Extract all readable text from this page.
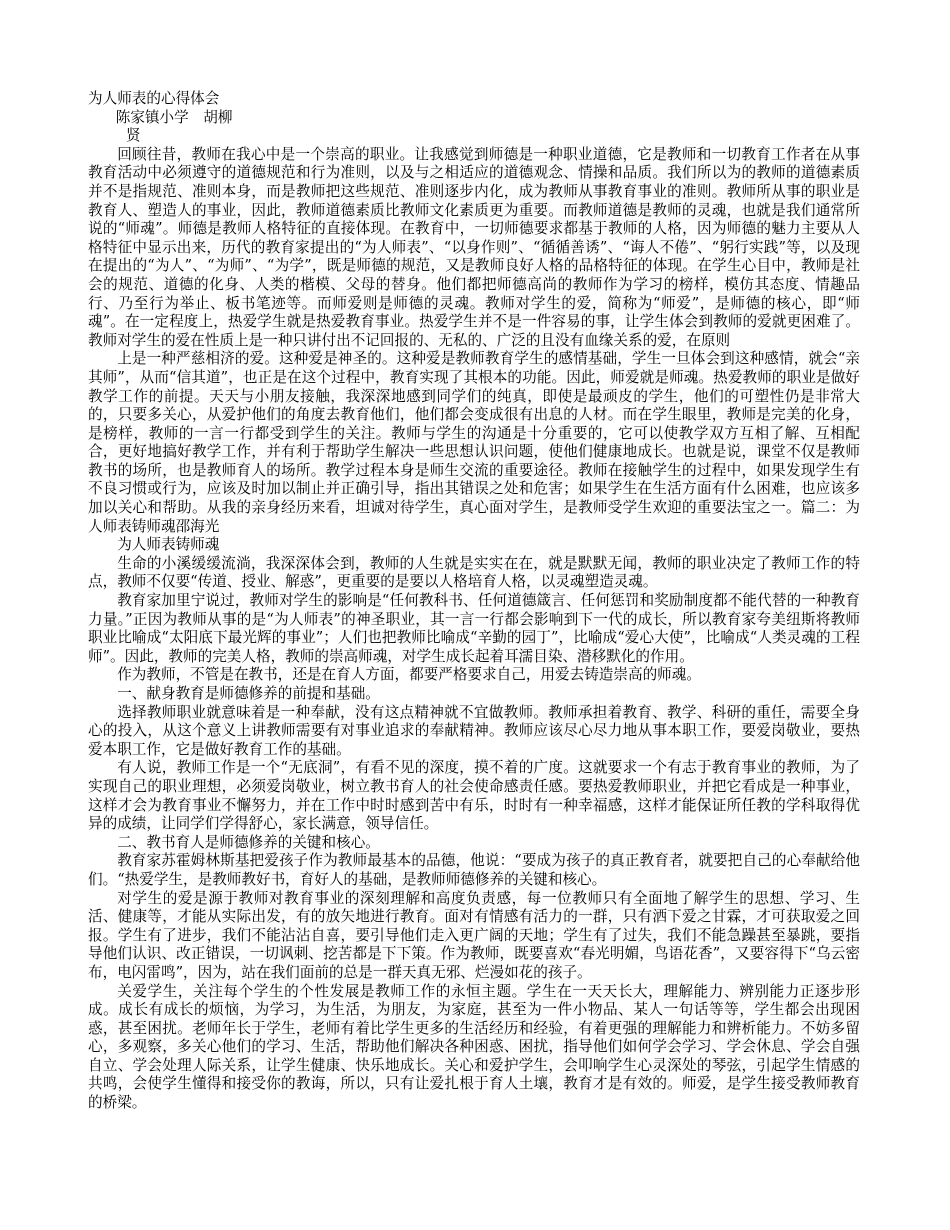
为人师表的心得体会

陈家镇小学　胡柳

贤

回顾往昔，教师在我心中是一个崇高的职业。让我感觉到师德是一种职业道德，它是教师和一切教育工作者在从事教育活动中必须遵守的道德规范和行为准则，以及与之相适应的道德观念、情操和品质。我们所以为的教师的道德素质并不是指规范、准则本身，而是教师把这些规范、准则逐步内化，成为教师从事教育事业的准则。教师所从事的职业是教育人、塑造人的事业，因此，教师道德素质比教师文化素质更为重要。而教师道德是教师的灵魂，也就是我们通常所说的“师魂”。师德是教师人格特征的直接体现。在教育中，一切师德要求都基于教师的人格，因为师德的魅力主要从人格特征中显示出来，历代的教育家提出的“为人师表”、“以身作则”、“循循善诱”、“诲人不倦”、“躬行实践”等，以及现在提出的“为人”、“为师”、“为学”，既是师德的规范，又是教师良好人格的品格特征的体现。在学生心目中，教师是社会的规范、道德的化身、人类的楷模、父母的替身。他们都把师德高尚的教师作为学习的榜样，模仿其态度、情趣品行、乃至行为举止、板书笔迹等。而师爱则是师德的灵魂。教师对学生的爱，简称为“师爱”，是师德的核心，即“师魂”。在一定程度上，热爱学生就是热爱教育事业。热爱学生并不是一件容易的事，让学生体会到教师的爱就更困难了。教师对学生的爱在性质上是一种只讲付出不记回报的、无私的、广泛的且没有血缘关系的爱，在原则

上是一种严慈相济的爱。这种爱是神圣的。这种爱是教师教育学生的感情基础，学生一旦体会到这种感情，就会“亲其师”，从而“信其道”，也正是在这个过程中，教育实现了其根本的功能。因此，师爱就是师魂。热爱教师的职业是做好教学工作的前提。天天与小朋友接触，我深深地感到同学们的纯真，即使是最顽皮的学生，他们的可塑性仍是非常大的，只要多关心，从爱护他们的角度去教育他们，他们都会变成很有出息的人材。而在学生眼里，教师是完美的化身，是榜样，教师的一言一行都受到学生的关注。教师与学生的沟通是十分重要的，它可以使教学双方互相了解、互相配合，更好地搞好教学工作，并有利于帮助学生解决一些思想认识问题，使他们健康地成长。也就是说，课堂不仅是教师教书的场所，也是教师育人的场所。教学过程本身是师生交流的重要途径。教师在接触学生的过程中，如果发现学生有不良习惯或行为，应该及时加以制止并正确引导，指出其错误之处和危害；如果学生在生活方面有什么困难，也应该多加以关心和帮助。从我的亲身经历来看，坦诚对待学生，真心面对学生，是教师受学生欢迎的重要法宝之一。篇二：为人师表铸师魂邵海光

为人师表铸师魂

生命的小溪缓缓流淌，我深深体会到，教师的人生就是实实在在，就是默默无闻，教师的职业决定了教师工作的特点，教师不仅要“传道、授业、解惑”，更重要的是要以人格培育人格，以灵魂塑造灵魂。

教育家加里宁说过，教师对学生的影响是“任何教科书、任何道德箴言、任何惩罚和奖励制度都不能代替的一种教育力量。”正因为教师从事的是“为人师表”的神圣职业，其一言一行都会影响到下一代的成长，所以教育家夸美纽斯将教师职业比喻成“太阳底下最光辉的事业”；人们也把教师比喻成“辛勤的园丁”，比喻成“爱心大使”，比喻成“人类灵魂的工程师”。因此，教师的完美人格，教师的崇高师魂，对学生成长起着耳濡目染、潜移默化的作用。

作为教师，不管是在教书，还是在育人方面，都要严格要求自己，用爱去铸造崇高的师魂。

一、献身教育是师德修养的前提和基础。

选择教师职业就意味着是一种奉献，没有这点精神就不宜做教师。教师承担着教育、教学、科研的重任，需要全身心的投入，从这个意义上讲教师需要有对事业追求的奉献精神。教师应该尽心尽力地从事本职工作，要爱岗敬业，要热爱本职工作，它是做好教育工作的基础。

有人说，教师工作是一个“无底洞”，有看不见的深度，摸不着的广度。这就要求一个有志于教育事业的教师，为了实现自己的职业理想，必须爱岗敬业，树立教书育人的社会使命感责任感。要热爱教师职业，并把它看成是一种事业，这样才会为教育事业不懈努力，并在工作中时时感到苦中有乐，时时有一种幸福感，这样才能保证所任教的学科取得优异的成绩，让同学们学得舒心，家长满意，领导信任。

二、教书育人是师德修养的关键和核心。

教育家苏霍姆林斯基把爱孩子作为教师最基本的品德，他说：“要成为孩子的真正教育者，就要把自己的心奉献给他们。“热爱学生，是教师教好书，育好人的基础，是教师师德修养的关键和核心。

对学生的爱是源于教师对教育事业的深刻理解和高度负责感，每一位教师只有全面地了解学生的思想、学习、生活、健康等，才能从实际出发，有的放矢地进行教育。面对有情感有活力的一群，只有洒下爱之甘霖，才可获取爱之回报。学生有了进步，我们不能沾沾自喜，要引导他们走入更广阔的天地；学生有了过失，我们不能急躁甚至暴跳，要指导他们认识、改正错误，一切讽刺、挖苦都是下下策。作为教师，既要喜欢“春光明媚，鸟语花香”，又要容得下“乌云密布，电闪雷鸣”，因为，站在我们面前的总是一群天真无邪、烂漫如花的孩子。

关爱学生，关注每个学生的个性发展是教师工作的永恒主题。学生在一天天长大，理解能力、辨别能力正逐步形成。成长有成长的烦恼，为学习，为生活，为朋友，为家庭，甚至为一件小物品、某人一句话等等，学生都会出现困惑，甚至困扰。老师年长于学生，老师有着比学生更多的生活经历和经验，有着更强的理解能力和辨析能力。不妨多留心，多观察，多关心他们的学习、生活，帮助他们解决各种困惑、困扰，指导他们如何学会学习、学会休息、学会自强自立、学会处理人际关系，让学生健康、快乐地成长。关心和爱护学生，会叩响学生心灵深处的琴弦，引起学生情感的共鸣，会使学生懂得和接受你的教诲，所以，只有让爱扎根于育人土壤，教育才是有效的。师爱，是学生接受教师教育的桥梁。
